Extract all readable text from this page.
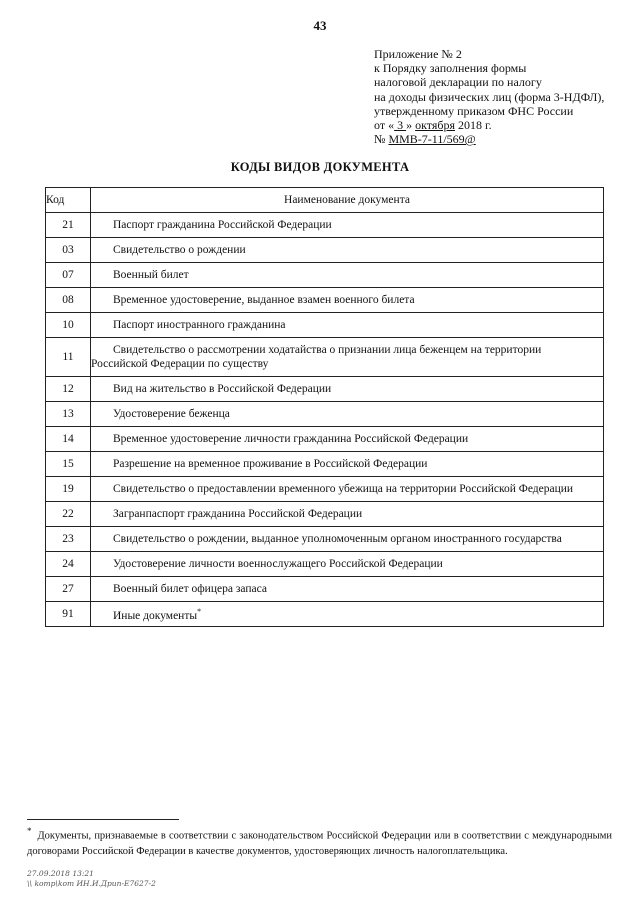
43
Приложение № 2
к Порядку заполнения формы
налоговой декларации по налогу
на доходы физических лиц (форма 3-НДФЛ),
утвержденному приказом ФНС России
от « 3 » октября 2018 г.
№ ММВ-7-11/569@
КОДЫ ВИДОВ ДОКУМЕНТА
Код	Наименование документа
21	Паспорт гражданина Российской Федерации
03	Свидетельство о рождении
07	Военный билет
08	Временное удостоверение, выданное взамен военного билета
10	Паспорт иностранного гражданина
11	Свидетельство о рассмотрении ходатайства о признании лица беженцем на территории
Российской Федерации по существу
12	Вид на жительство в Российской Федерации
13	Удостоверение беженца
14	Временное удостоверение личности гражданина Российской Федерации
15	Разрешение на временное проживание в Российской Федерации
19	Свидетельство о предоставлении временного убежища на территории Российской Федерации
22	Загранпаспорт гражданина Российской Федерации
23	Свидетельство о рождении, выданное уполномоченным органом иностранного государства
24	Удостоверение личности военнослужащего Российской Федерации
27	Военный билет офицера запаса
91	Иные документы*
* Документы, признаваемые в соответствии с законодательством Российской Федерации или в соответствии с международными договорами Российской Федерации в качестве документов, удостоверяющих личность налогоплательщика.
27.09.2018 13:21
\\ komp\kom ИН.И.Дрип-Е7627-2
